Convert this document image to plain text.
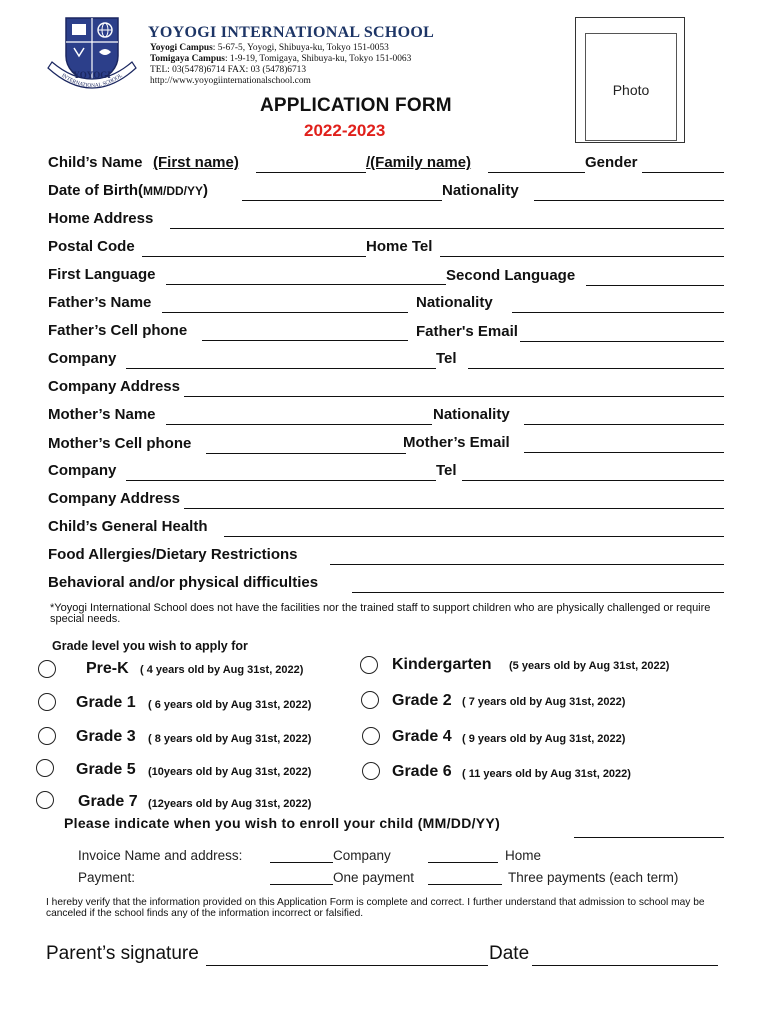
YOYOGI
INTERNATIONAL SCHOOL
YOYOGI INTERNATIONAL SCHOOL
Yoyogi Campus: 5-67-5, Yoyogi, Shibuya-ku, Tokyo 151-0053
Tomigaya Campus: 1-9-19, Tomigaya, Shibuya-ku, Tokyo 151-0063
TEL: 03(5478)6714 FAX: 03 (5478)6713
http://www.yoyogiinternationalschool.com
Photo
APPLICATION FORM
2022-2023
Child’s Name (First name)	/(Family name)	Gender
Date of Birth(MM/DD/YY)	Nationality
Home Address
Postal Code	Home Tel
First Language	Second Language
Father’s Name	Nationality
Father’s Cell phone	Father's Email
Company	Tel
Company Address
Mother’s Name	Nationality
Mother’s Cell phone	Mother’s Email
Company	Tel
Company Address
Child’s General Health
Food Allergies/Dietary Restrictions
Behavioral and/or physical difficulties
*Yoyogi International School does not have the facilities nor the trained staff to support children who are physically challenged or require special needs.
Grade level you wish to apply for
Pre-K ( 4 years old by Aug 31st, 2022)	Kindergarten (5 years old by Aug 31st, 2022)
Grade 1 ( 6 years old by Aug 31st, 2022)	Grade 2 ( 7 years old by Aug 31st, 2022)
Grade 3 ( 8 years old by Aug 31st, 2022)	Grade 4 ( 9 years old by Aug 31st, 2022)
Grade 5 (10years old by Aug 31st, 2022)	Grade 6 ( 11 years old by Aug 31st, 2022)
Grade 7 (12years old by Aug 31st, 2022)
Please indicate when you wish to enroll your child (MM/DD/YY)
Invoice Name and address:	Company	Home
Payment:	One payment	Three payments (each term)
I hereby verify that the information provided on this Application Form is complete and correct. I further understand that admission to school may be canceled if the school finds any of the information incorrect or falsified.
Parent’s signature	Date
